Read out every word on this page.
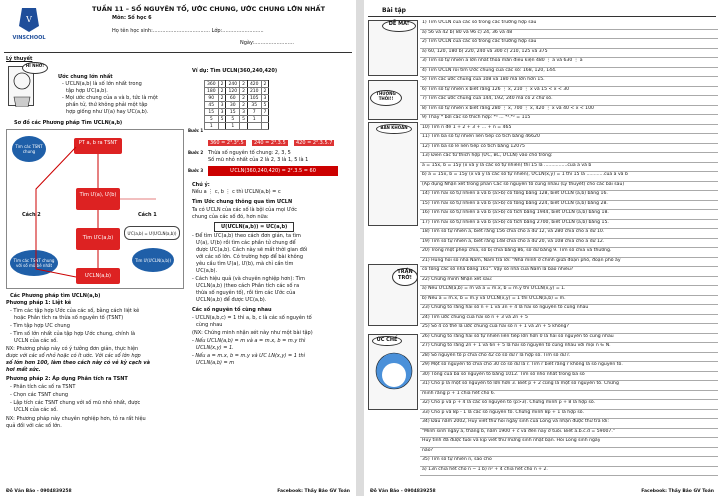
V
VINSCHOOL
TUẦN 11 – SỐ NGUYÊN TỐ, ƯỚC CHUNG, ƯỚC CHUNG LỚN NHẤT
Môn: Số học 6
Họ tên học sinh:.................................... Lớp:..........................
Ngày:.........................
Lý thuyết
HI NHỚ!
Ước chung lớn nhất
- ƯCLN(a,b) là số lớn nhất trong
tập hợp ƯC(a,b).
- Mọi ước chung của a và b, tức là một
phần tử, thứ không phải một tập
hợp giống như Ư(a) hay ƯC(a,b).
Sơ đồ các Phương pháp Tìm ƯCLN(a,b)
PT a, b ra TSNT
Tìm Ư(a), Ư(b)
Tìm ƯC(a,b)
ƯCLN(a,b)
Tìm các TSNT chung
ƯC(a,b) = Ư(ƯCLN(a,b))
Tìm các TSNT chung với số mũ bé nhất
Tìm Ư(ƯCLN(a,b))
Cách 1
Cách 2
Các Phương pháp tìm ƯCLN(a,b)
Phương pháp 1: Liệt kê
- Tìm các tập hợp Ước của các số, bằng cách liệt kê
hoặc Phân tích ra thừa số nguyên tố (TSNT)
- Tìm tập hợp ƯC chung
- Tìm số lớn nhất của tập hợp Ước chung, chính là
ƯCLN của các số.
NX: Phương pháp này có ý tưởng đơn giản, thực hiện
được với các số nhỏ hoặc có ít ước. Với các số lớn hợp
số lớn hơn 100, làm theo cách này có vẻ kỳ cạch và
hơi mất sức.
Phương pháp 2: Áp dụng Phân tích ra TSNT
- Phân tích các số ra TSNT
- Chọn các TSNT chung
- Lập tích các TSNT chung với số mũ nhỏ nhất, được
ƯCLN của các số.
NX: Phương pháp này chuyên nghiệp hơn, tỏ ra rất hiệu
quả đối với các số lớn.
Ví dụ: Tìm ƯCLN(360,240,420)
360	2	240	2	420	2
180	2	120	2	210	2
90	2	60	2	105	3
45	3	30	2	35	5
15	3	15	3	7	7
5	5	5	5	1	
1		1			
Bước 1
360 = 2³.3².5	240 = 2⁴.3.5	420 = 2².3.5.7
Bước 2 Thừa số nguyên tố chung: 2, 3, 5
Số mũ nhỏ nhất của 2 là 2, 3 là 1, 5 là 1
Bước 3	ƯCLN(360,240,420) = 2².3.5 = 60
Chú ý:
Nếu a ⋮ c, b ⋮ c thì ƯCLN(a,b) = c
Tìm Ước chung thông qua tìm ƯCLN
Ta có ƯCLN của các số là bội của mọi Ước
chung của các số đó, hơn nữa:
Ư(ƯCLN(a,b)) = ƯC(a,b)
- Để tìm ƯC(a,b) theo cách đơn giản, ta tìm
Ư(a), Ư(b) rồi tìm các phần tử chung để
được ƯC(a,b). Cách này sẽ mất thời gian đối
với các số lớn. Có trường hợp để bài không
yêu cầu tìm Ư(a), Ư(b), mà chỉ cần tìm
ƯC(a,b).
- Cách hiệu quả (và chuyên nghiệp hơn): Tìm
ƯCLN(a,b) (theo cách Phân tích các số ra
thừa số nguyên tố), rồi tìm các Ước của
ƯCLN(a,b) để được ƯC(a,b).
Các số nguyên tố cùng nhau
- ƯCLN(a,b,c) = 1 thì a, b, c là các số nguyên tố
cùng nhau
(NX: Chứng minh nhận xét này như một bài tập)
- Nếu ƯCLN(a,b) = m và a = m.x, b = m.y thì
ƯCLN(x,y) = 1.
- Nếu a = m.x, b = m.y và ƯC LN(x,y) = 1 thì
ƯCLN(a,b) = m
Đỗ Văn Bảo - 0904839258	Facebook: Thầy Bảo GV Toán
Bài tập
DỄ MÀ!
THƯỜNG THÔI!!
BĂN KHOĂN
TRẦN TRỞ!
ỨC CHẾ
1) Tìm ƯCLN của các số trong các trường hợp sau
a) 56 và 42 b) 80 và 96 c) 24, 36 và 48
2) Tìm ƯCLN của các số trong các trường hợp sau
a) 60, 120, 180 b) 220, 240 và 300 c) 210, 125 và 375
3) Tìm số tự nhiên a lớn nhất thỏa mãn điều kiện 480 ⋮ a và 630 ⋮ a
4) Tìm ƯCLN rồi tìm Ước chung của các số: 168, 120, 144.
5) Tìm các ước chung của 108 và 180 mà lớn hơn 15.
6) Tìm số tự nhiên x biết rằng 126 ⋮ x, 210 ⋮ x và 15 < x < 30
7) Tìm các ước chung của 144, 192, 240 mà có 2 chữ số.
8) Tìm số tự nhiên x biết rằng 280 ⋮ x, 700 ⋮ x, 420 ⋮ x và 40 < x < 100
9) Thay * bởi các số thích hợp: *⁵ ... *³.*² = 115
10) Tìm n để 1 + 2 + 3 + ... + n = 465
11) Tìm ba số tự nhiên liên tiếp có tích bằng 46620
12) Tìm ba số lẻ liên tiếp có tích bằng 12075
13) Điền các từ thích hợp (ƯC, BC, ƯCLN) vào chỗ trống:
a = 15x, b = 15y (x và y là các số tự nhiên) thì 15 là ................của a và b
b) a = 15x, b = 15y (x và y là các số tự nhiên), ƯCLN(x,y) = 1 thì 15 là ............của a và b
(Áp dụng Nhận xét trong phần Các số nguyên tố cùng nhau (Lý thuyết) cho các bài sau)
14) Tìm hai số tự nhiên a và b (a>b) có tổng bằng 128, biết ƯCLN (a,b) bằng 16.
15) Tìm hai số tự nhiên a và b (a>b) có tổng bằng 224, biết ƯCLN (a,b) bằng 28.
16) Tìm hai số tự nhiên a và b (a>b) có tích bằng 1944, biết ƯCLN (a,b) bằng 18.
17) Tìm hai số tự nhiên a và b (a>b) có tích bằng 2700, biết ƯCLN (a,b) bằng 15.
18) Tìm số tự nhiên a, biết rằng 156 chia cho a dư 12, và 280 chia cho a dư 10.
19) Tìm số tự nhiên a, biết rằng 148 chia cho a dư 20, và 108 chia cho a dư 12.
20) Trong một phép chia, số bị chia bằng 86, số dư bằng 9. Tìm số chia và thương.
21) Hùng hỏi số nhà Nam, Nam trả lời: "Nhà mình ở chính giữa đoạn phố, đoạn phố ấy
có tổng các số nhà bằng 161". Vậy số nhà của Nam là bao nhiêu?
22) Chứng minh Nhận xét sau:
a) Nếu ƯCLN(a,b) = m và a = m.x, b = m.y thì ƯCLN(x,y) = 1.
b) Nếu a = m.x, b = m.y và ƯCLN(x,y) = 1 thì ƯCLN(a,b) = m.
23) Chứng tỏ rằng hai số n + 1 và 3n + 4 là hai số nguyên tố cùng nhau
24) Tìm ước chung của hai số n + 3 và 2n + 5
25) Số 4 có thể là ước chung của hai số n + 1 và 2n + 5 không?
26) Chứng tỏ rằng hai số tự nhiên liên tiếp lớn hơn 0 là hai số nguyên tố cùng nhau
27) Chứng tỏ rằng 2n + 1 và 6n + 5 là hai số nguyên tố cùng nhau với mọi n ∈ N.
28) Số nguyên tố p chia cho 42 có số dư r là hợp số. Tìm số dư r.
29) Một số nguyên tố chia cho 30 có số dư là r. Tìm r biết rằng r không là số nguyên tố.
30) Tổng của ba số nguyên tố bằng 1012. Tìm số nhỏ nhất trong ba số
31) Cho p là một số nguyên tố lớn hơn 3. Biết p + 2 cũng là một số nguyên tố. Chứng
minh rằng p + 1 chia hết cho 6.
32) Cho p và p + 4 là các số nguyên tố (p>3). Chứng minh p + 8 là hợp số.
33) Cho p và 8p - 1 là các số nguyên tố. Chứng minh 8p + 1 là hợp số.
34) Đầu năm 2002, Huy viết thư hỏi ngày sinh của Long và nhận được thư trả lời:
"Mình sinh ngày a, tháng b, năm 1900 + c và đến nay ở tuổi. Biết a.b.c.d = 59007."
Huy tính đã được tuổi và kịp viết thư mừng sinh nhật bạn. Hỏi Long sinh ngày
nào?
35) Tìm số tự nhiên n, sao cho
a) 13n chia hết cho n − 1 b) n² + 4 chia hết cho n + 2.
Đỗ Văn Bảo - 0904839258	Facebook: Thầy Bảo GV Toán
